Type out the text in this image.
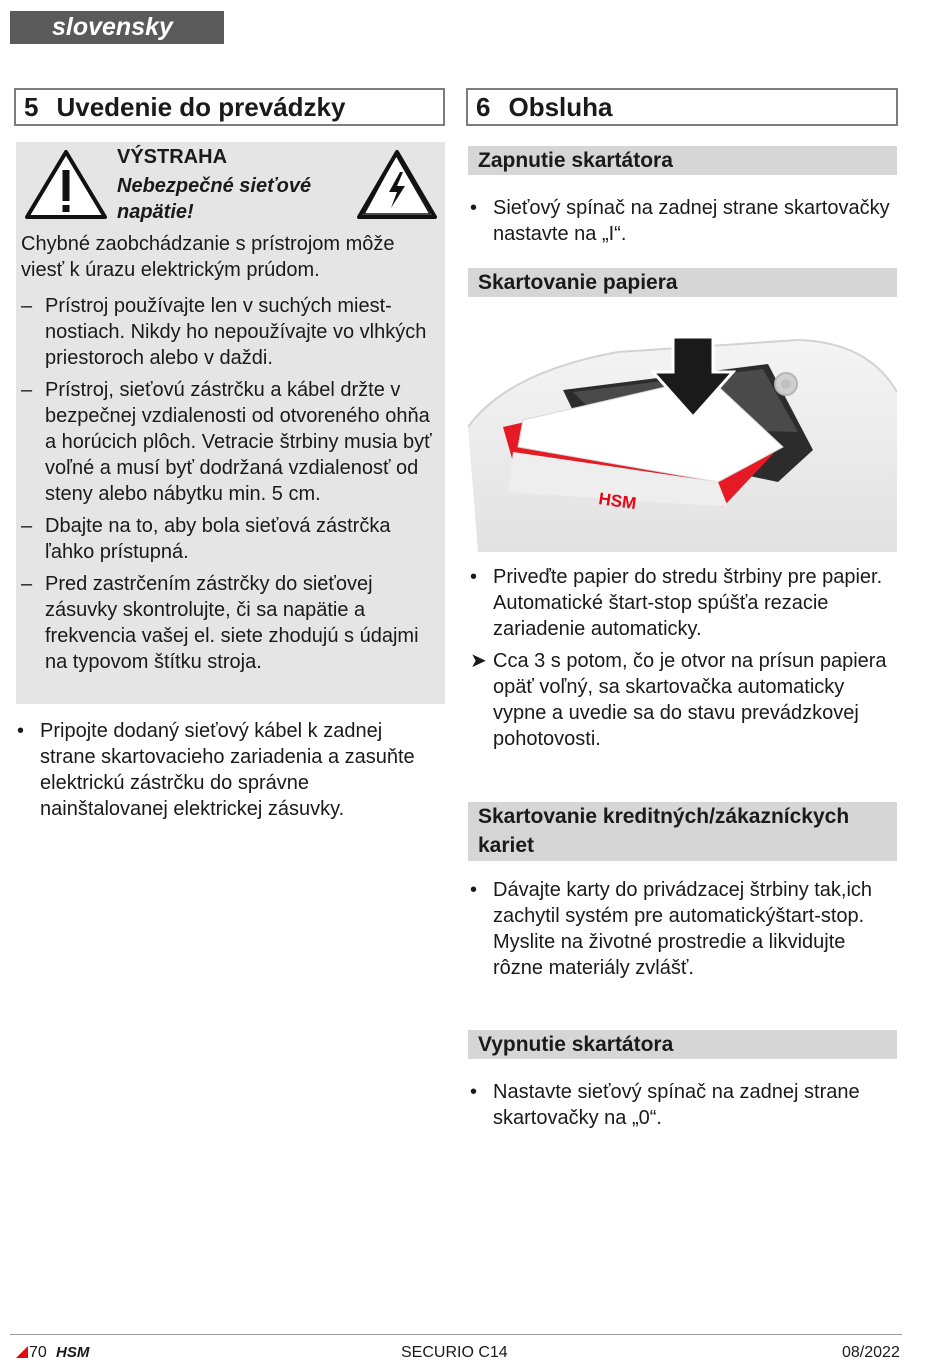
slovensky
5 Uvedenie do prevádzky
VÝSTRAHA
Nebezpečné sieťové napätie!
Chybné zaobchádzanie s prístrojom môže viesť k úrazu elektrickým prúdom.
– Prístroj používajte len v suchých miestnostiach. Nikdy ho nepoužívajte vo vlhkých priestoroch alebo v daždi.
– Prístroj, sieťovú zástrčku a kábel držte v bezpečnej vzdialenosti od otvoreného ohňa a horúcich plôch. Vetracie štrbiny musia byť voľné a musí byť dodržaná vzdialenosť od steny alebo nábytku min. 5 cm.
– Dbajte na to, aby bola sieťová zástrčka ľahko prístupná.
– Pred zastrčením zástrčky do sieťovej zásuvky skontrolujte, či sa napätie a frekvencia vašej el. siete zhodujú s údajmi na typovom štítku stroja.
• Pripojte dodaný sieťový kábel k zadnej strane skartovacieho zariadenia a zasuňte elektrickú zástrčku do správne nainštalovanej elektrickej zásuvky.
6 Obsluha
Zapnutie skartátora
• Sieťový spínač na zadnej strane skartovačky nastavte na „I“.
Skartovanie papiera
HSM
• Priveďte papier do stredu štrbiny pre papier. Automatické štart-stop spúšťa rezacie zariadenie automaticky.
➤ Cca 3 s potom, čo je otvor na prísun papiera opäť voľný, sa skartovačka automaticky vypne a uvedie sa do stavu prevádzkovej pohotovosti.
Skartovanie kreditných/zákazníckych kariet
• Dávajte karty do privádzacej štrbiny tak,ich zachytil systém pre automatickýštart-stop.
Myslite na životné prostredie a likvidujte rôzne materiály zvlášť.
Vypnutie skartátora
• Nastavte sieťový spínač na zadnej strane skartovačky na „0“.
70 HSM	SECURIO C14	08/2022
